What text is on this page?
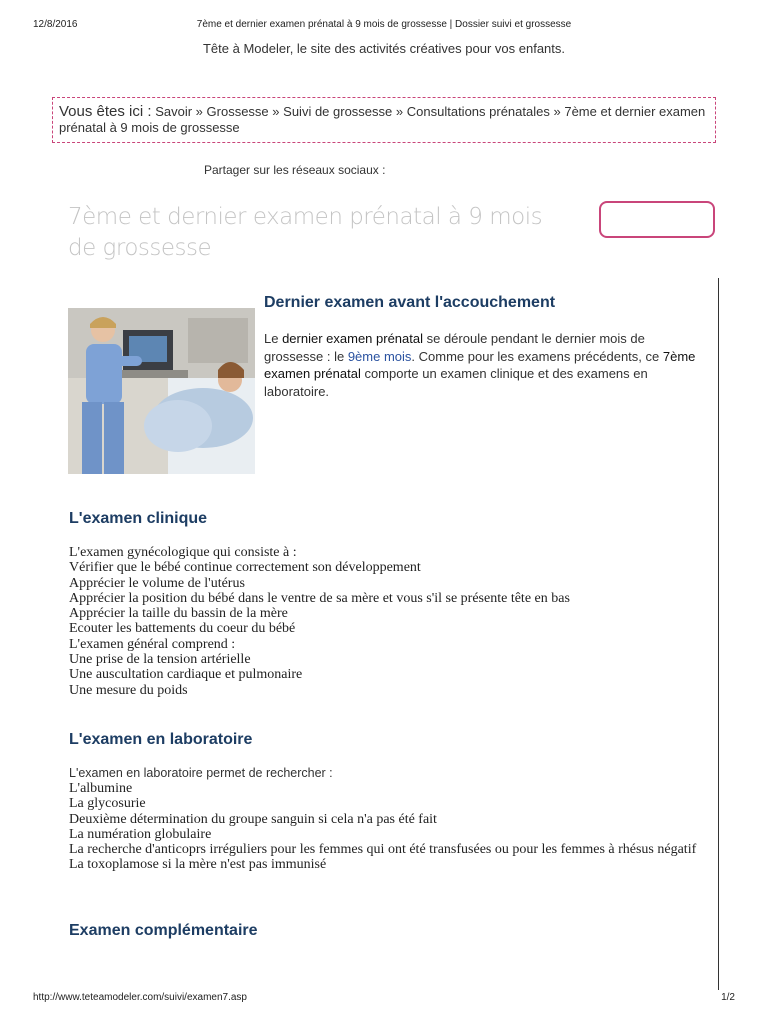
12/8/2016	7ème et dernier examen prénatal à 9 mois de grossesse | Dossier suivi et grossesse
Tête à Modeler, le site des activités créatives pour vos enfants.
Vous êtes ici : Savoir » Grossesse » Suivi de grossesse » Consultations prénatales » 7ème et dernier examen prénatal à 9 mois de grossesse
Partager sur les réseaux sociaux :
7ème et dernier examen prénatal à 9 mois de grossesse
Dernier examen avant l'accouchement
Le dernier examen prénatal se déroule pendant le dernier mois de grossesse : le 9ème mois. Comme pour les examens précédents, ce 7ème examen prénatal comporte un examen clinique et des examens en laboratoire.
L'examen clinique
L'examen gynécologique qui consiste à :
Vérifier que le bébé continue correctement son développement
Apprécier le volume de l'utérus
Apprécier la position du bébé dans le ventre de sa mère et vous s'il se présente tête en bas
Apprécier la taille du bassin de la mère
Ecouter les battements du coeur du bébé
L'examen général comprend :
Une prise de la tension artérielle
Une auscultation cardiaque et pulmonaire
Une mesure du poids
L'examen en laboratoire
L'examen en laboratoire permet de rechercher :
L'albumine
La glycosurie
Deuxième détermination du groupe sanguin si cela n'a pas été fait
La numération globulaire
La recherche d'anticoprs irréguliers pour les femmes qui ont été transfusées ou pour les femmes à rhésus négatif
La toxoplamose si la mère n'est pas immunisé
Examen complémentaire
http://www.teteamodeler.com/suivi/examen7.asp	1/2
